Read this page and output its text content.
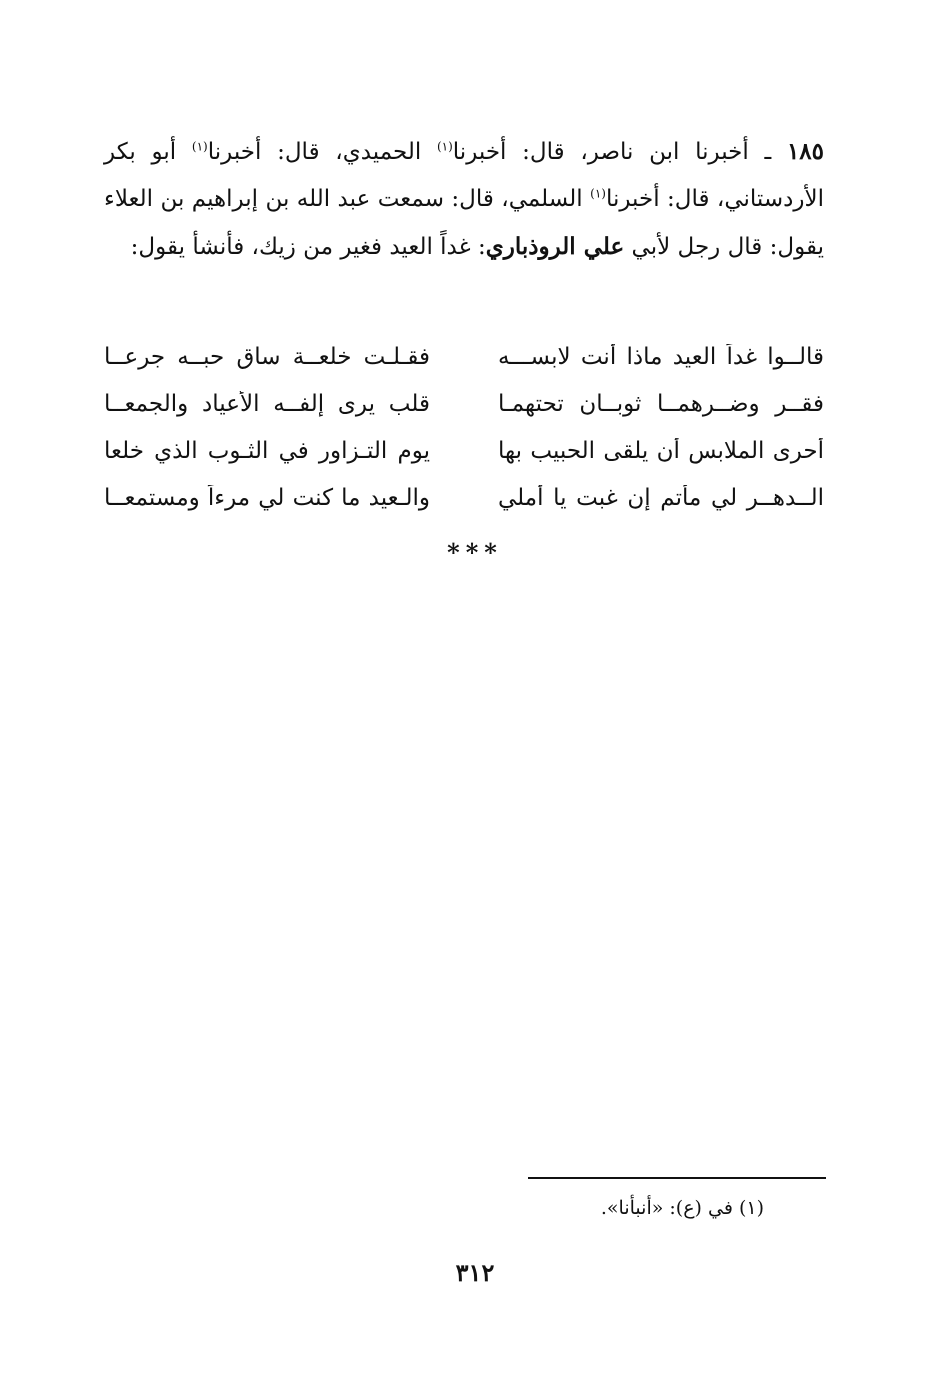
١٨٥ ـ أخبرنا ابن ناصر، قال: أخبرنا$^{(١)}$ الحميدي، قال: أخبرنا$^{(١)}$ أبو بكر الأردستاني، قال: أخبرنا$^{(١)}$ السلمي، قال: سمعت عبد الله بن إبراهيم بن العلاء يقول: قال رجل لأبي علي الروذباري: غداً العيد فغير من زيك، فأنشأ يقول:

قالــوا غداً العيد ماذا أنت لابســـه
فقـلـت خلعــة ساق حبــه جرعــا
فقــر وضــرهمــا ثوبــان تحتهمـا
قلب يرى إلفــه الأعياد والجمعــا
أحرى الملابس أن يلقى الحبيب بها
يوم التـزاور في الثـوب الذي خلعا
الــدهــر لي مأتم إن غبت يا أملي
والـعيد ما كنت لي مرءاً ومستمعــا
***
(١) في (ع): «أنبأنا».
٣١٢
